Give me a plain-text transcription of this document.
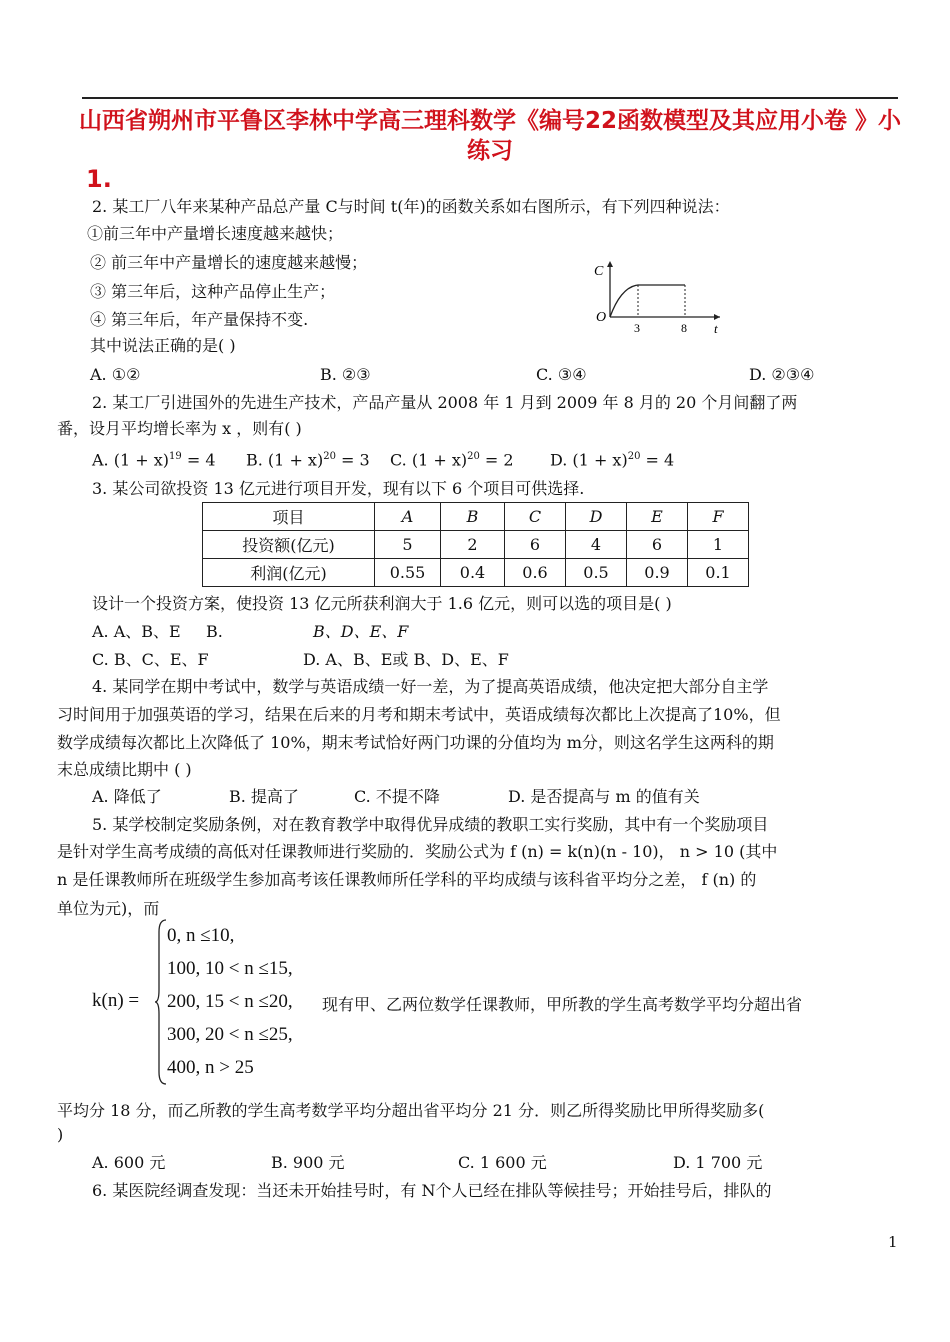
山西省朔州市平鲁区李林中学高三理科数学《编号22函数模型及其应用小卷 》小练习
1.
2. 某工厂八年来某种产品总产量 C与时间 t(年)的函数关系如右图所示，有下列四种说法：
①前三年中产量增长速度越来越快；
② 前三年中产量增长的速度越来越慢；
③ 第三年后，这种产品停止生产；
④ 第三年后，年产量保持不变.
其中说法正确的是( )
A. ①②	B. ②③	C. ③④	D. ②③④
C
O
3	8 t
2. 某工厂引进国外的先进生产技术，产品产量从 2008 年 1 月到 2009 年 8 月的 20 个月间翻了两
番，设月平均增长率为 x ，则有( )
A. $(1 + x)^{19} = 4$ B. $(1 + x)^{20} = 3$ C. $(1 + x)^{20} = 2$ D. $(1 + x)^{20} = 4$
3. 某公司欲投资 13 亿元进行项目开发，现有以下 6 个项目可供选择.
项目	A	B	C	D	E	F
投资额(亿元)	5	2	6	4	6	1
利润(亿元)	0.55	0.4	0.6	0.5	0.9	0.1
设计一个投资方案，使投资 13 亿元所获利润大于 1.6 亿元，则可以选的项目是( )
A. A、B、E B.	B、D、E、F
C. B、C、E、F	D. A、B、E或 B、D、E、F
4. 某同学在期中考试中，数学与英语成绩一好一差，为了提高英语成绩，他决定把大部分自主学
习时间用于加强英语的学习，结果在后来的月考和期末考试中，英语成绩每次都比上次提高了10%，但
数学成绩每次都比上次降低了 10%，期末考试恰好两门功课的分值均为 m分，则这名学生这两科的期
末总成绩比期中 ( )
A. 降低了	B. 提高了	C. 不提不降	D. 是否提高与 m 的值有关
5. 某学校制定奖励条例，对在教育教学中取得优异成绩的教职工实行奖励，其中有一个奖励项目
是针对学生高考成绩的高低对任课教师进行奖励的．奖励公式为 f (n) = k(n)(n - 10)， n > 10 (其中
n 是任课教师所在班级学生参加高考该任课教师所任学科的平均成绩与该科省平均分之差， f (n) 的
单位为元)，而
k(n) =
0, n ≤10,
100, 10 < n ≤15,
200, 15 < n ≤20, 现有甲、乙两位数学任课教师，甲所教的学生高考数学平均分超出省
300, 20 < n ≤25,
400, n > 25
平均分 18 分，而乙所教的学生高考数学平均分超出省平均分 21 分．则乙所得奖励比甲所得奖励多(
)
A. 600 元	B. 900 元	C. 1 600 元	D. 1 700 元
6. 某医院经调查发现：当还未开始挂号时，有 N个人已经在排队等候挂号；开始挂号后，排队的
1
